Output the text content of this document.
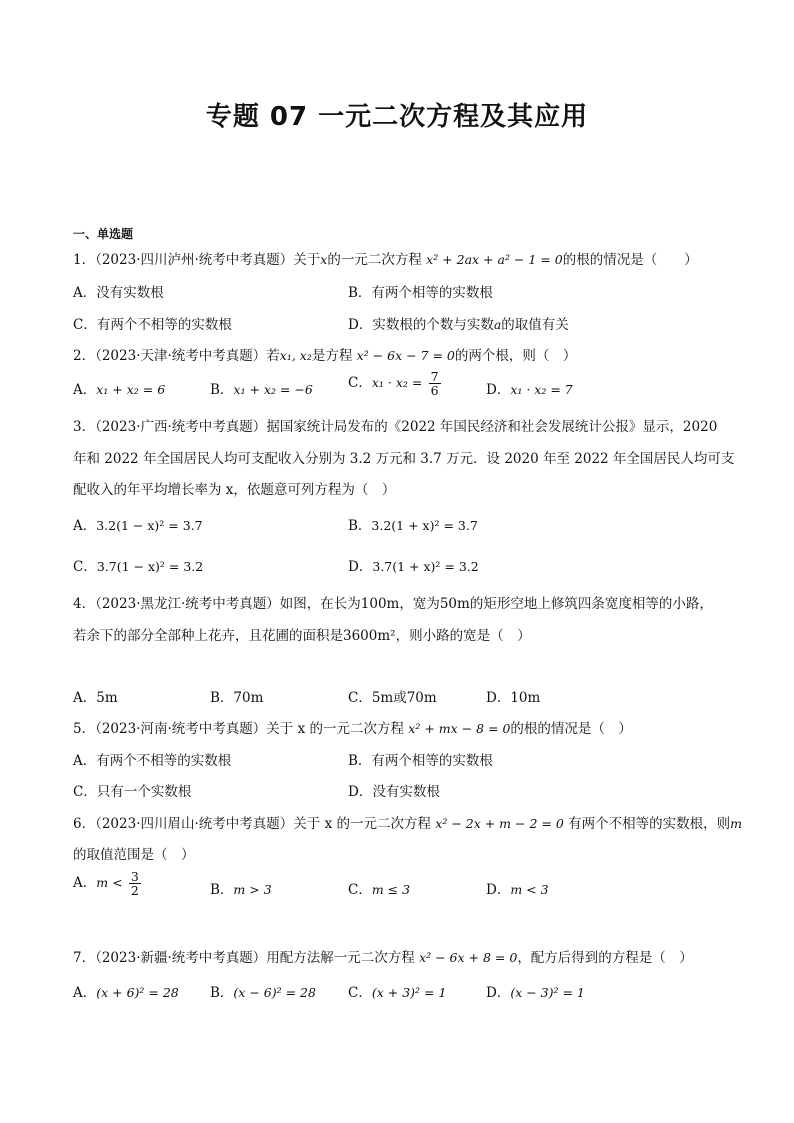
专题 07 一元二次方程及其应用
一、单选题
1．（2023·四川泸州·统考中考真题）关于x的一元二次方程 x² + 2ax + a² − 1 = 0的根的情况是（　　）
A．没有实数根	B．有两个相等的实数根
C．有两个不相等的实数根	D．实数根的个数与实数a的取值有关
2．（2023·天津·统考中考真题）若x₁, x₂是方程 x² − 6x − 7 = 0的两个根，则（　）
A．x₁ + x₂ = 6	B．x₁ + x₂ = −6	C．$x_1 \cdot x_2 = \frac{7}{6}$	D．x₁ · x₂ = 7
3．（2023·广西·统考中考真题）据国家统计局发布的《2022 年国民经济和社会发展统计公报》显示，2020
年和 2022 年全国居民人均可支配收入分别为 3.2 万元和 3.7 万元．设 2020 年至 2022 年全国居民人均可支
配收入的年平均增长率为 x，依题意可列方程为（　）
A．3.2(1 − x)² = 3.7	B．3.2(1 + x)² = 3.7
C．3.7(1 − x)² = 3.2	D．3.7(1 + x)² = 3.2
4．（2023·黑龙江·统考中考真题）如图，在长为100m，宽为50m的矩形空地上修筑四条宽度相等的小路，
若余下的部分全部种上花卉，且花圃的面积是3600m²，则小路的宽是（　）
A．5m	B．70m	C．5m或70m	D．10m
5．（2023·河南·统考中考真题）关于 x 的一元二次方程 x² + mx − 8 = 0的根的情况是（　）
A．有两个不相等的实数根	B．有两个相等的实数根
C．只有一个实数根	D．没有实数根
6．（2023·四川眉山·统考中考真题）关于 x 的一元二次方程 x² − 2x + m − 2 = 0 有两个不相等的实数根，则m
的取值范围是（　）
A．$m < \frac{3}{2}$	B．m > 3	C．m ≤ 3	D．m < 3
7．（2023·新疆·统考中考真题）用配方法解一元二次方程 x² − 6x + 8 = 0，配方后得到的方程是（　）
A．(x + 6)² = 28 B．(x − 6)² = 28 C．(x + 3)² = 1	D．(x − 3)² = 1
